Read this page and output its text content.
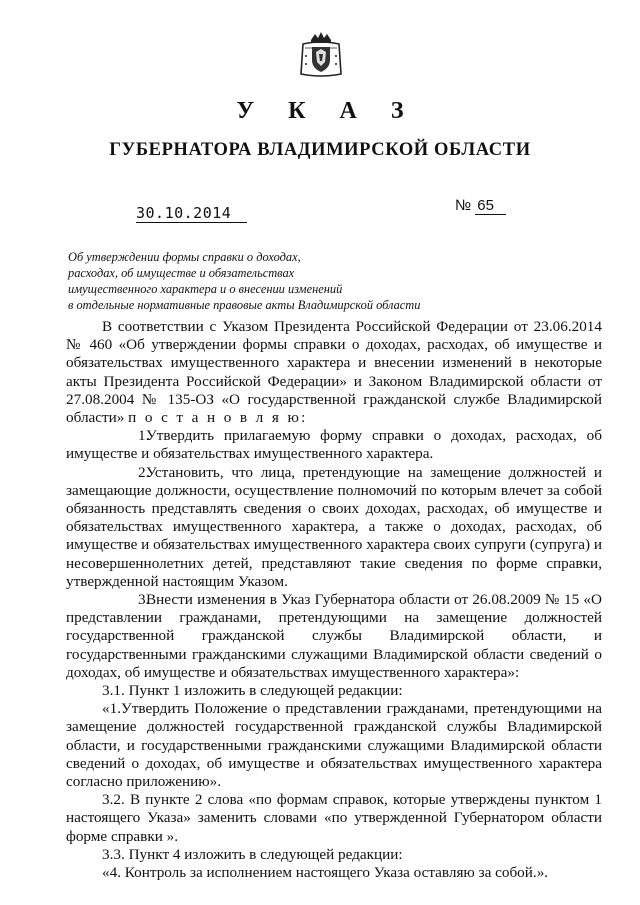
У К А З
ГУБЕРНАТОРА ВЛАДИМИРСКОЙ ОБЛАСТИ
30.10.2014	№ 65
Об утверждении формы справки о доходах,
расходах, об имуществе и обязательствах
имущественного характера и о внесении изменений
в отдельные нормативные правовые акты Владимирской области

В соответствии с Указом Президента Российской Федерации от 23.06.2014 № 460 «Об утверждении формы справки о доходах, расходах, об имуществе и обязательствах имущественного характера и внесении изменений в некоторые акты Президента Российской Федерации» и Законом Владимирской области от 27.08.2004 № 135-ОЗ «О государственной гражданской службе Владимирской области» п о с т а н о в л я ю:

1.Утвердить прилагаемую форму справки о доходах, расходах, об имуществе и обязательствах имущественного характера.

2.Установить, что лица, претендующие на замещение должностей и замещающие должности, осуществление полномочий по которым влечет за собой обязанность представлять сведения о своих доходах, расходах, об имуществе и обязательствах имущественного характера, а также о доходах, расходах, об имуществе и обязательствах имущественного характера своих супруги (супруга) и несовершеннолетних детей, представляют такие сведения по форме справки, утвержденной настоящим Указом.

3.Внести изменения в Указ Губернатора области от 26.08.2009 № 15 «О представлении гражданами, претендующими на замещение должностей государственной гражданской службы Владимирской области, и государственными гражданскими служащими Владимирской области сведений о доходах, об имуществе и обязательствах имущественного характера»:

3.1. Пункт 1 изложить в следующей редакции:

«1.Утвердить Положение о представлении гражданами, претендующими на замещение должностей государственной гражданской службы Владимирской области, и государственными гражданскими служащими Владимирской области сведений о доходах, об имуществе и обязательствах имущественного характера согласно приложению».

3.2. В пункте 2 слова «по формам справок, которые утверждены пунктом 1 настоящего Указа» заменить словами «по утвержденной Губернатором области форме справки ».

3.3. Пункт 4 изложить в следующей редакции:

«4. Контроль за исполнением настоящего Указа оставляю за собой.».
